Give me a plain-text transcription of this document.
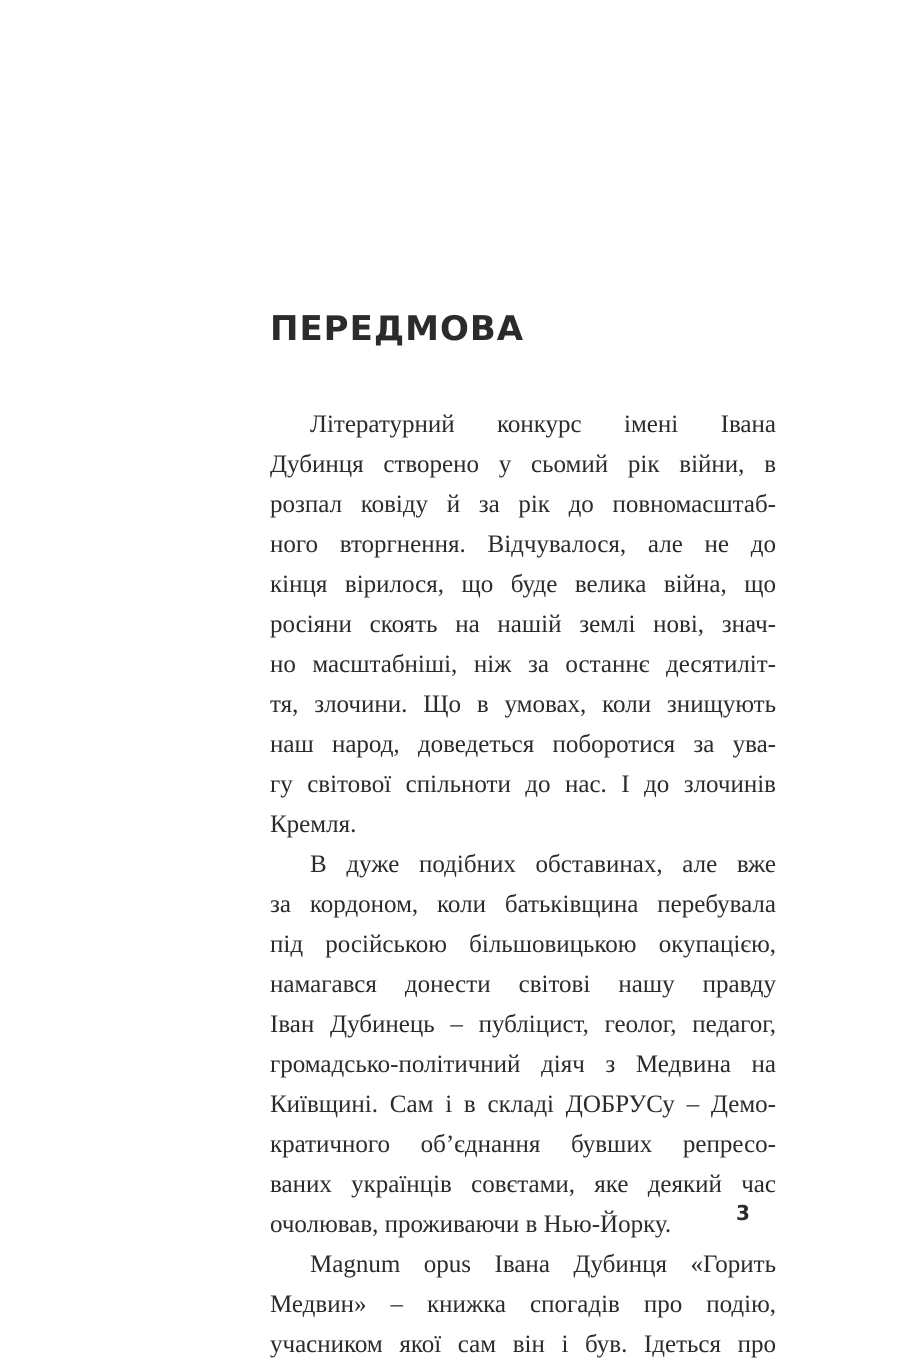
ПЕРЕДМОВА
Літературний конкурс імені Івана
Дубинця створено у сьомий рік війни, в
розпал ковіду й за рік до повномасштаб-
ного вторгнення. Відчувалося, але не до
кінця вірилося, що буде велика війна, що
росіяни скоять на нашій землі нові, знач-
но масштабніші, ніж за останнє десятиліт-
тя, злочини. Що в умовах, коли знищують
наш народ, доведеться поборотися за ува-
гу світової спільноти до нас. І до злочинів
Кремля.
В дуже подібних обставинах, але вже
за кордоном, коли батьківщина перебувала
під російською більшовицькою окупацією,
намагався донести світові нашу правду
Іван Дубинець – публіцист, геолог, педагог,
громадсько-політичний діяч з Медвина на
Київщині. Сам і в складі ДОБРУСу – Демо-
кратичного об’єднання бувших репресо-
ваних українців совєтами, яке деякий час
очолював, проживаючи в Нью-Йорку.
Magnum opus Івана Дубинця «Горить
Медвин» – книжка спогадів про подію,
учасником якої сам він і був. Ідеться про
3
